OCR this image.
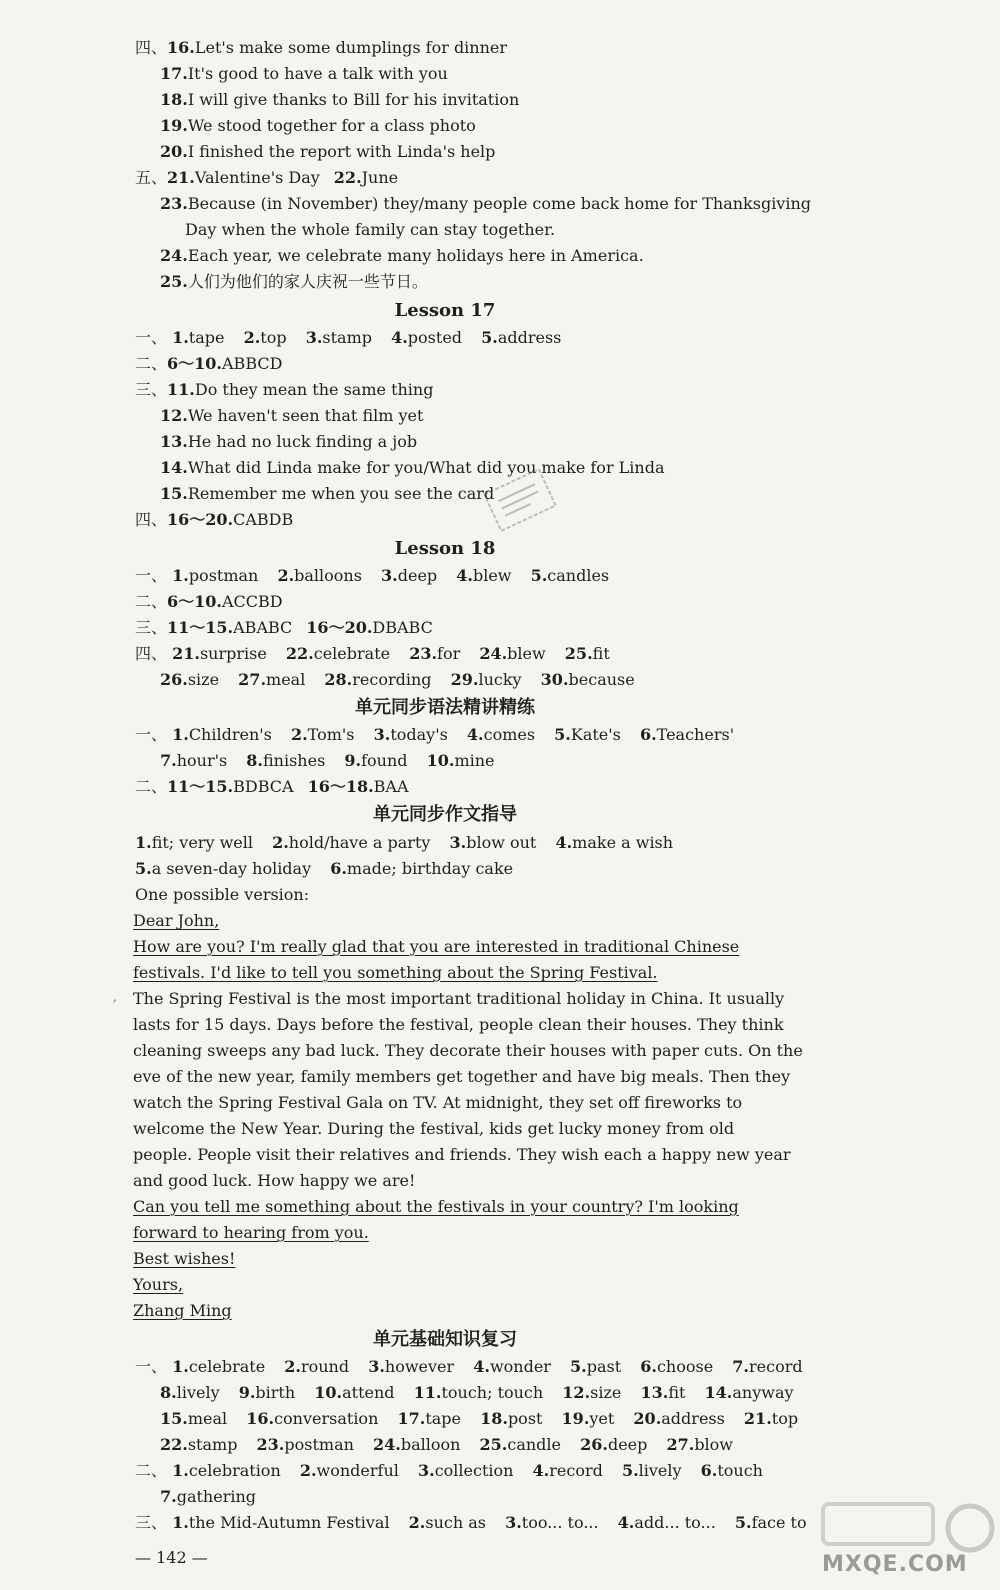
四、16.Let's make some dumplings for dinner
17.It's good to have a talk with you
18.I will give thanks to Bill for his invitation
19.We stood together for a class photo
20.I finished the report with Linda's help
五、21.Valentine's Day 22.June
23.Because (in November) they/many people come back home for Thanksgiving
Day when the whole family can stay together.
24.Each year, we celebrate many holidays here in America.
25.人们为他们的家人庆祝一些节日。
Lesson 17
一、 1.tape 2.top 3.stamp 4.posted 5.address
二、6～10.ABBCD
三、11.Do they mean the same thing
12.We haven't seen that film yet
13.He had no luck finding a job
14.What did Linda make for you/What did you make for Linda
15.Remember me when you see the card
四、16～20.CABDB
Lesson 18
一、 1.postman 2.balloons 3.deep 4.blew 5.candles
二、6～10.ACCBD
三、11～15.ABABC 16～20.DBABC
四、 21.surprise 22.celebrate 23.for 24.blew 25.fit
26.size 27.meal 28.recording 29.lucky 30.because
单元同步语法精讲精练
一、 1.Children's 2.Tom's 3.today's 4.comes 5.Kate's 6.Teachers'
7.hour's 8.finishes 9.found 10.mine
二、11～15.BDBCA 16～18.BAA
单元同步作文指导
1.fit; very well 2.hold/have a party 3.blow out 4.make a wish
5.a seven-day holiday 6.made; birthday cake
One possible version:
Dear John,
How are you? I'm really glad that you are interested in traditional Chinese
festivals. I'd like to tell you something about the Spring Festival.
, The Spring Festival is the most important traditional holiday in China. It usually
lasts for 15 days. Days before the festival, people clean their houses. They think
cleaning sweeps any bad luck. They decorate their houses with paper cuts. On the
eve of the new year, family members get together and have big meals. Then they
watch the Spring Festival Gala on TV. At midnight, they set off fireworks to
welcome the New Year. During the festival, kids get lucky money from old
people. People visit their relatives and friends. They wish each a happy new year
and good luck. How happy we are!
Can you tell me something about the festivals in your country? I'm looking
forward to hearing from you.
Best wishes!
Yours,
Zhang Ming
单元基础知识复习
一、 1.celebrate 2.round 3.however 4.wonder 5.past 6.choose 7.record
8.lively 9.birth 10.attend 11.touch; touch 12.size 13.fit 14.anyway
15.meal 16.conversation 17.tape 18.post 19.yet 20.address 21.top
22.stamp 23.postman 24.balloon 25.candle 26.deep 27.blow
二、 1.celebration 2.wonderful 3.collection 4.record 5.lively 6.touch
7.gathering
三、 1.the Mid-Autumn Festival 2.such as 3.too... to... 4.add... to... 5.face to
— 142 —	MXQE.COM
